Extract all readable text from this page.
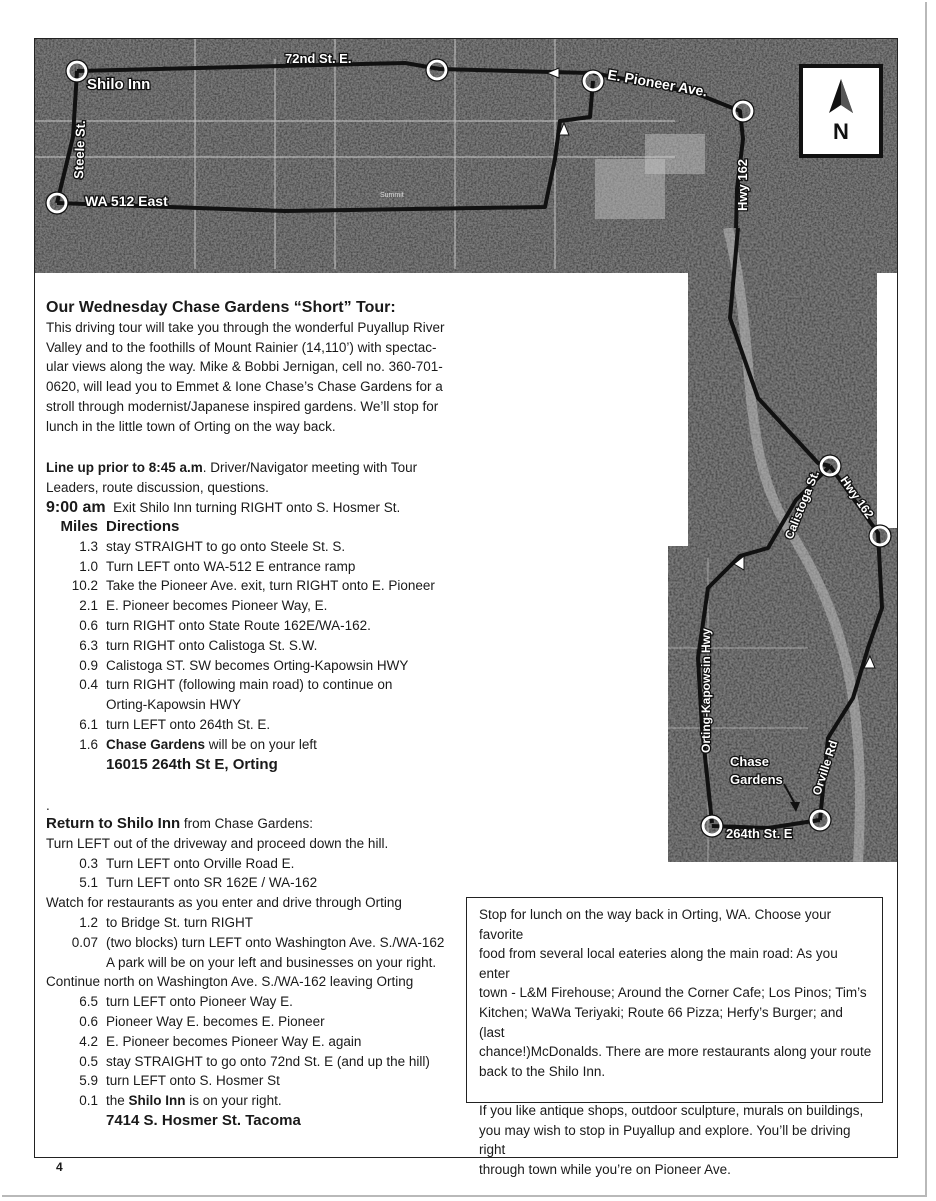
72nd St. E.
Shilo Inn	E. Pioneer Ave.
Steele St.
WA 512 East	Summit	Hwy 162
N
Calistoga St. Hwy 162
Orting-Kapowsin Hwy
Chase
Gardens Orville Rd
264th St. E

Our Wednesday Chase Gardens “Short” Tour:

This driving tour will take you through the wonderful Puyallup River

Valley and to the foothills of Mount Rainier (14,110’) with spectac-

ular views along the way. Mike & Bobbi Jernigan, cell no. 360-701-

0620, will lead you to Emmet & Ione Chase’s Chase Gardens for a

stroll through modernist/Japanese inspired gardens. We’ll stop for

lunch in the little town of Orting on the way back.

Line up prior to 8:45 a.m. Driver/Navigator meeting with Tour

Leaders, route discussion, questions.

9:00 am Exit Shilo Inn turning RIGHT onto S. Hosmer St.

Miles Directions
1.3 stay STRAIGHT to go onto Steele St. S.
1.0 Turn LEFT onto WA-512 E entrance ramp
10.2 Take the Pioneer Ave. exit, turn RIGHT onto E. Pioneer
2.1 E. Pioneer becomes Pioneer Way, E.
0.6 turn RIGHT onto State Route 162E/WA-162.
6.3 turn RIGHT onto Calistoga St. S.W.
0.9 Calistoga ST. SW becomes Orting-Kapowsin HWY
0.4 turn RIGHT (following main road) to continue on
Orting-Kapowsin HWY
6.1 turn LEFT onto 264th St. E.
1.6 Chase Gardens will be on your left
16015 264th St E, Orting
.

Return to Shilo Inn from Chase Gardens:

Turn LEFT out of the driveway and proceed down the hill.

0.3 Turn LEFT onto Orville Road E.
5.1 Turn LEFT onto SR 162E / WA-162

Watch for restaurants as you enter and drive through Orting

1.2 to Bridge St. turn RIGHT
0.07 (two blocks) turn LEFT onto Washington Ave. S./WA-162
A park will be on your left and businesses on your right.

Continue north on Washington Ave. S./WA-162 leaving Orting

6.5 turn LEFT onto Pioneer Way E.
0.6 Pioneer Way E. becomes E. Pioneer
4.2 E. Pioneer becomes Pioneer Way E. again
0.5 stay STRAIGHT to go onto 72nd St. E (and up the hill)
5.9 turn LEFT onto S. Hosmer St
0.1 the Shilo Inn is on your right.
7414 S. Hosmer St. Tacoma

Stop for lunch on the way back in Orting, WA. Choose your favorite

food from several local eateries along the main road: As you enter

town - L&M Firehouse; Around the Corner Cafe; Los Pinos; Tim’s

Kitchen; WaWa Teriyaki; Route 66 Pizza; Herfy’s Burger; and (last

chance!)McDonalds. There are more restaurants along your route

back to the Shilo Inn.

If you like antique shops, outdoor sculpture, murals on buildings,

you may wish to stop in Puyallup and explore. You’ll be driving right

through town while you’re on Pioneer Ave.

4
